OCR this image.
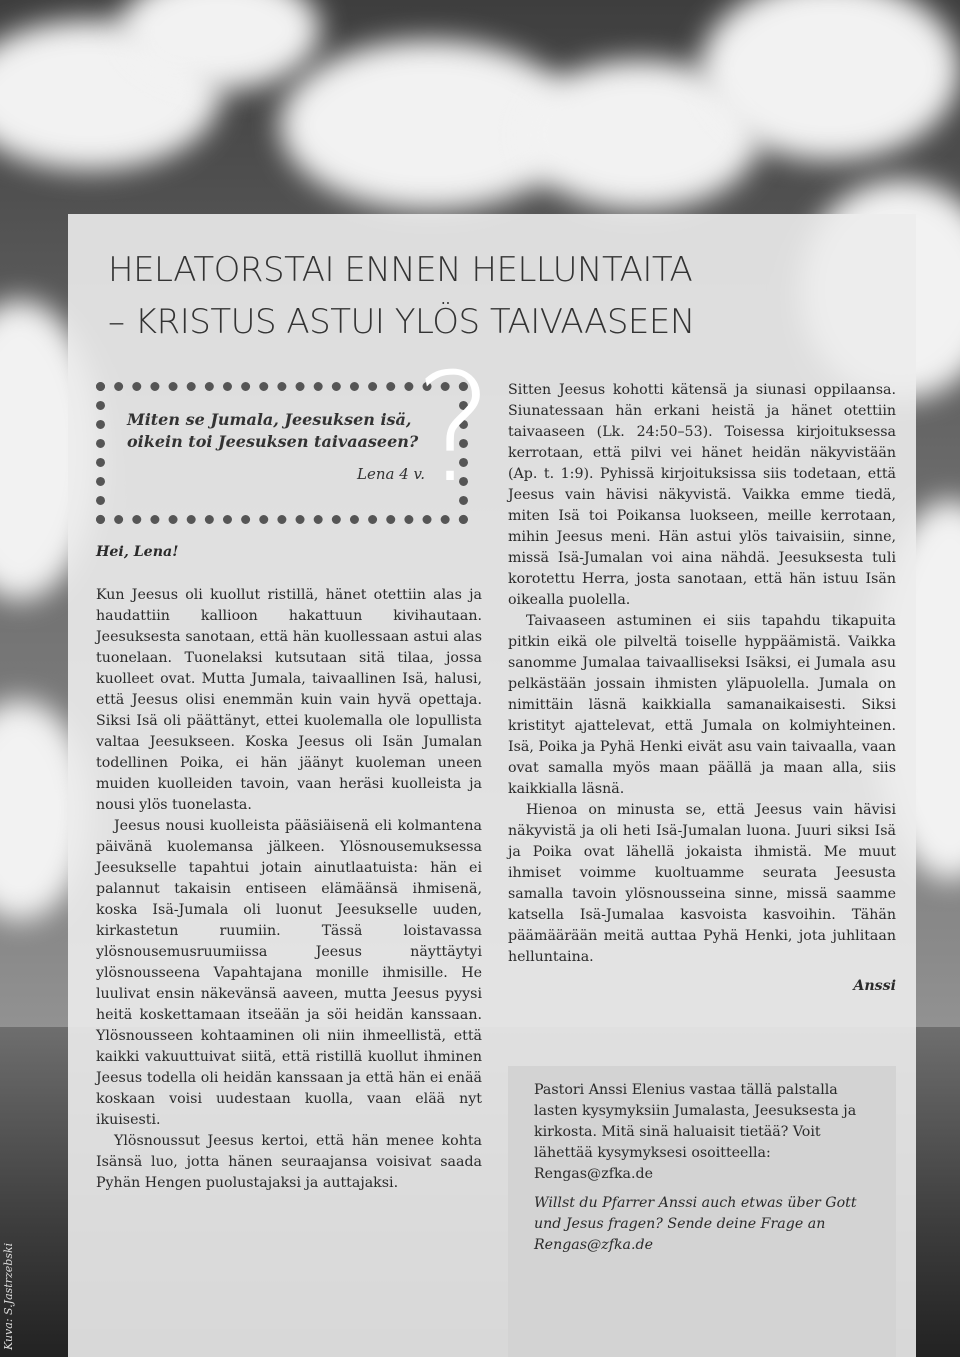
Kuva: S.Jastrzebski
HELATORSTAI ENNEN HELLUNTAITA
– KRISTUS ASTUI YLÖS TAIVAASEEN
Miten se Jumala, Jeesuksen isä,
oikein toi Jeesuksen taivaaseen?
Lena 4 v.
?

Hei, Lena!

Kun Jeesus oli kuollut ristillä, hänet otettiin alas ja haudattiin kallioon hakattuun kivihautaan. Jeesuksesta sanotaan, että hän kuollessaan astui alas tuonelaan. Tuonelaksi kutsutaan sitä tilaa, jossa kuolleet ovat. Mutta Jumala, taivaallinen Isä, halusi, että Jeesus olisi enemmän kuin vain hyvä opettaja. Siksi Isä oli päättänyt, ettei kuolemalla ole lopullista valtaa Jeesukseen. Koska Jeesus oli Isän Jumalan todellinen Poika, ei hän jäänyt kuoleman uneen muiden kuolleiden tavoin, vaan heräsi kuolleista ja nousi ylös tuonelasta.

Jeesus nousi kuolleista pääsiäisenä eli kolmantena päivänä kuolemansa jälkeen. Ylösnousemuksessa Jeesukselle tapahtui jotain ainutlaatuista: hän ei palannut takaisin entiseen elämäänsä ihmisenä, koska Isä-Jumala oli luonut Jeesukselle uuden, kirkastetun ruumiin. Tässä loistavassa ylösnousemusruumiissa Jeesus näyttäytyi ylösnousseena Vapahtajana monille ihmisille. He luulivat ensin näkevänsä aaveen, mutta Jeesus pyysi heitä koskettamaan itseään ja söi heidän kanssaan. Ylösnousseen kohtaaminen oli niin ihmeellistä, että kaikki vakuuttuivat siitä, että ristillä kuollut ihminen Jeesus todella oli heidän kanssaan ja että hän ei enää koskaan voisi uudestaan kuolla, vaan elää nyt ikuisesti.

Ylösnoussut Jeesus kertoi, että hän menee kohta Isänsä luo, jotta hänen seuraajansa voisivat saada Pyhän Hengen puolustajaksi ja auttajaksi.

Sitten Jeesus kohotti kätensä ja siunasi oppilaansa. Siunatessaan hän erkani heistä ja hänet otettiin taivaaseen (Lk. 24:50–53). Toisessa kirjoituksessa kerrotaan, että pilvi vei hänet heidän näkyvistään (Ap. t. 1:9). Pyhissä kirjoituksissa siis todetaan, että Jeesus vain hävisi näkyvistä. Vaikka emme tiedä, miten Isä toi Poikansa luokseen, meille kerrotaan, mihin Jeesus meni. Hän astui ylös taivaisiin, sinne, missä Isä-Jumalan voi aina nähdä. Jeesuksesta tuli korotettu Herra, josta sanotaan, että hän istuu Isän oikealla puolella.

Taivaaseen astuminen ei siis tapahdu tikapuita pitkin eikä ole pilveltä toiselle hyppäämistä. Vaikka sanomme Jumalaa taivaalliseksi Isäksi, ei Jumala asu pelkästään jossain ihmisten yläpuolella. Jumala on nimittäin läsnä kaikkialla samanaikaisesti. Siksi kristityt ajattelevat, että Jumala on kolmiyhteinen. Isä, Poika ja Pyhä Henki eivät asu vain taivaalla, vaan ovat samalla myös maan päällä ja maan alla, siis kaikkialla läsnä.

Hienoa on minusta se, että Jeesus vain hävisi näkyvistä ja oli heti Isä-Jumalan luona. Juuri siksi Isä ja Poika ovat lähellä jokaista ihmistä. Me muut ihmiset voimme kuoltuamme seurata Jeesusta samalla tavoin ylösnousseina sinne, missä saamme katsella Isä-Jumalaa kasvoista kasvoihin. Tähän päämäärään meitä auttaa Pyhä Henki, jota juhlitaan helluntaina.

Anssi

Pastori Anssi Elenius vastaa tällä palstalla lasten kysymyksiin Jumalasta, Jeesuksesta ja kirkosta. Mitä sinä haluaisit tietää? Voit lähettää kysymyksesi osoitteella: Rengas@zfka.de

Willst du Pfarrer Anssi auch etwas über Gott und Jesus fragen? Sende deine Frage an Rengas@zfka.de
